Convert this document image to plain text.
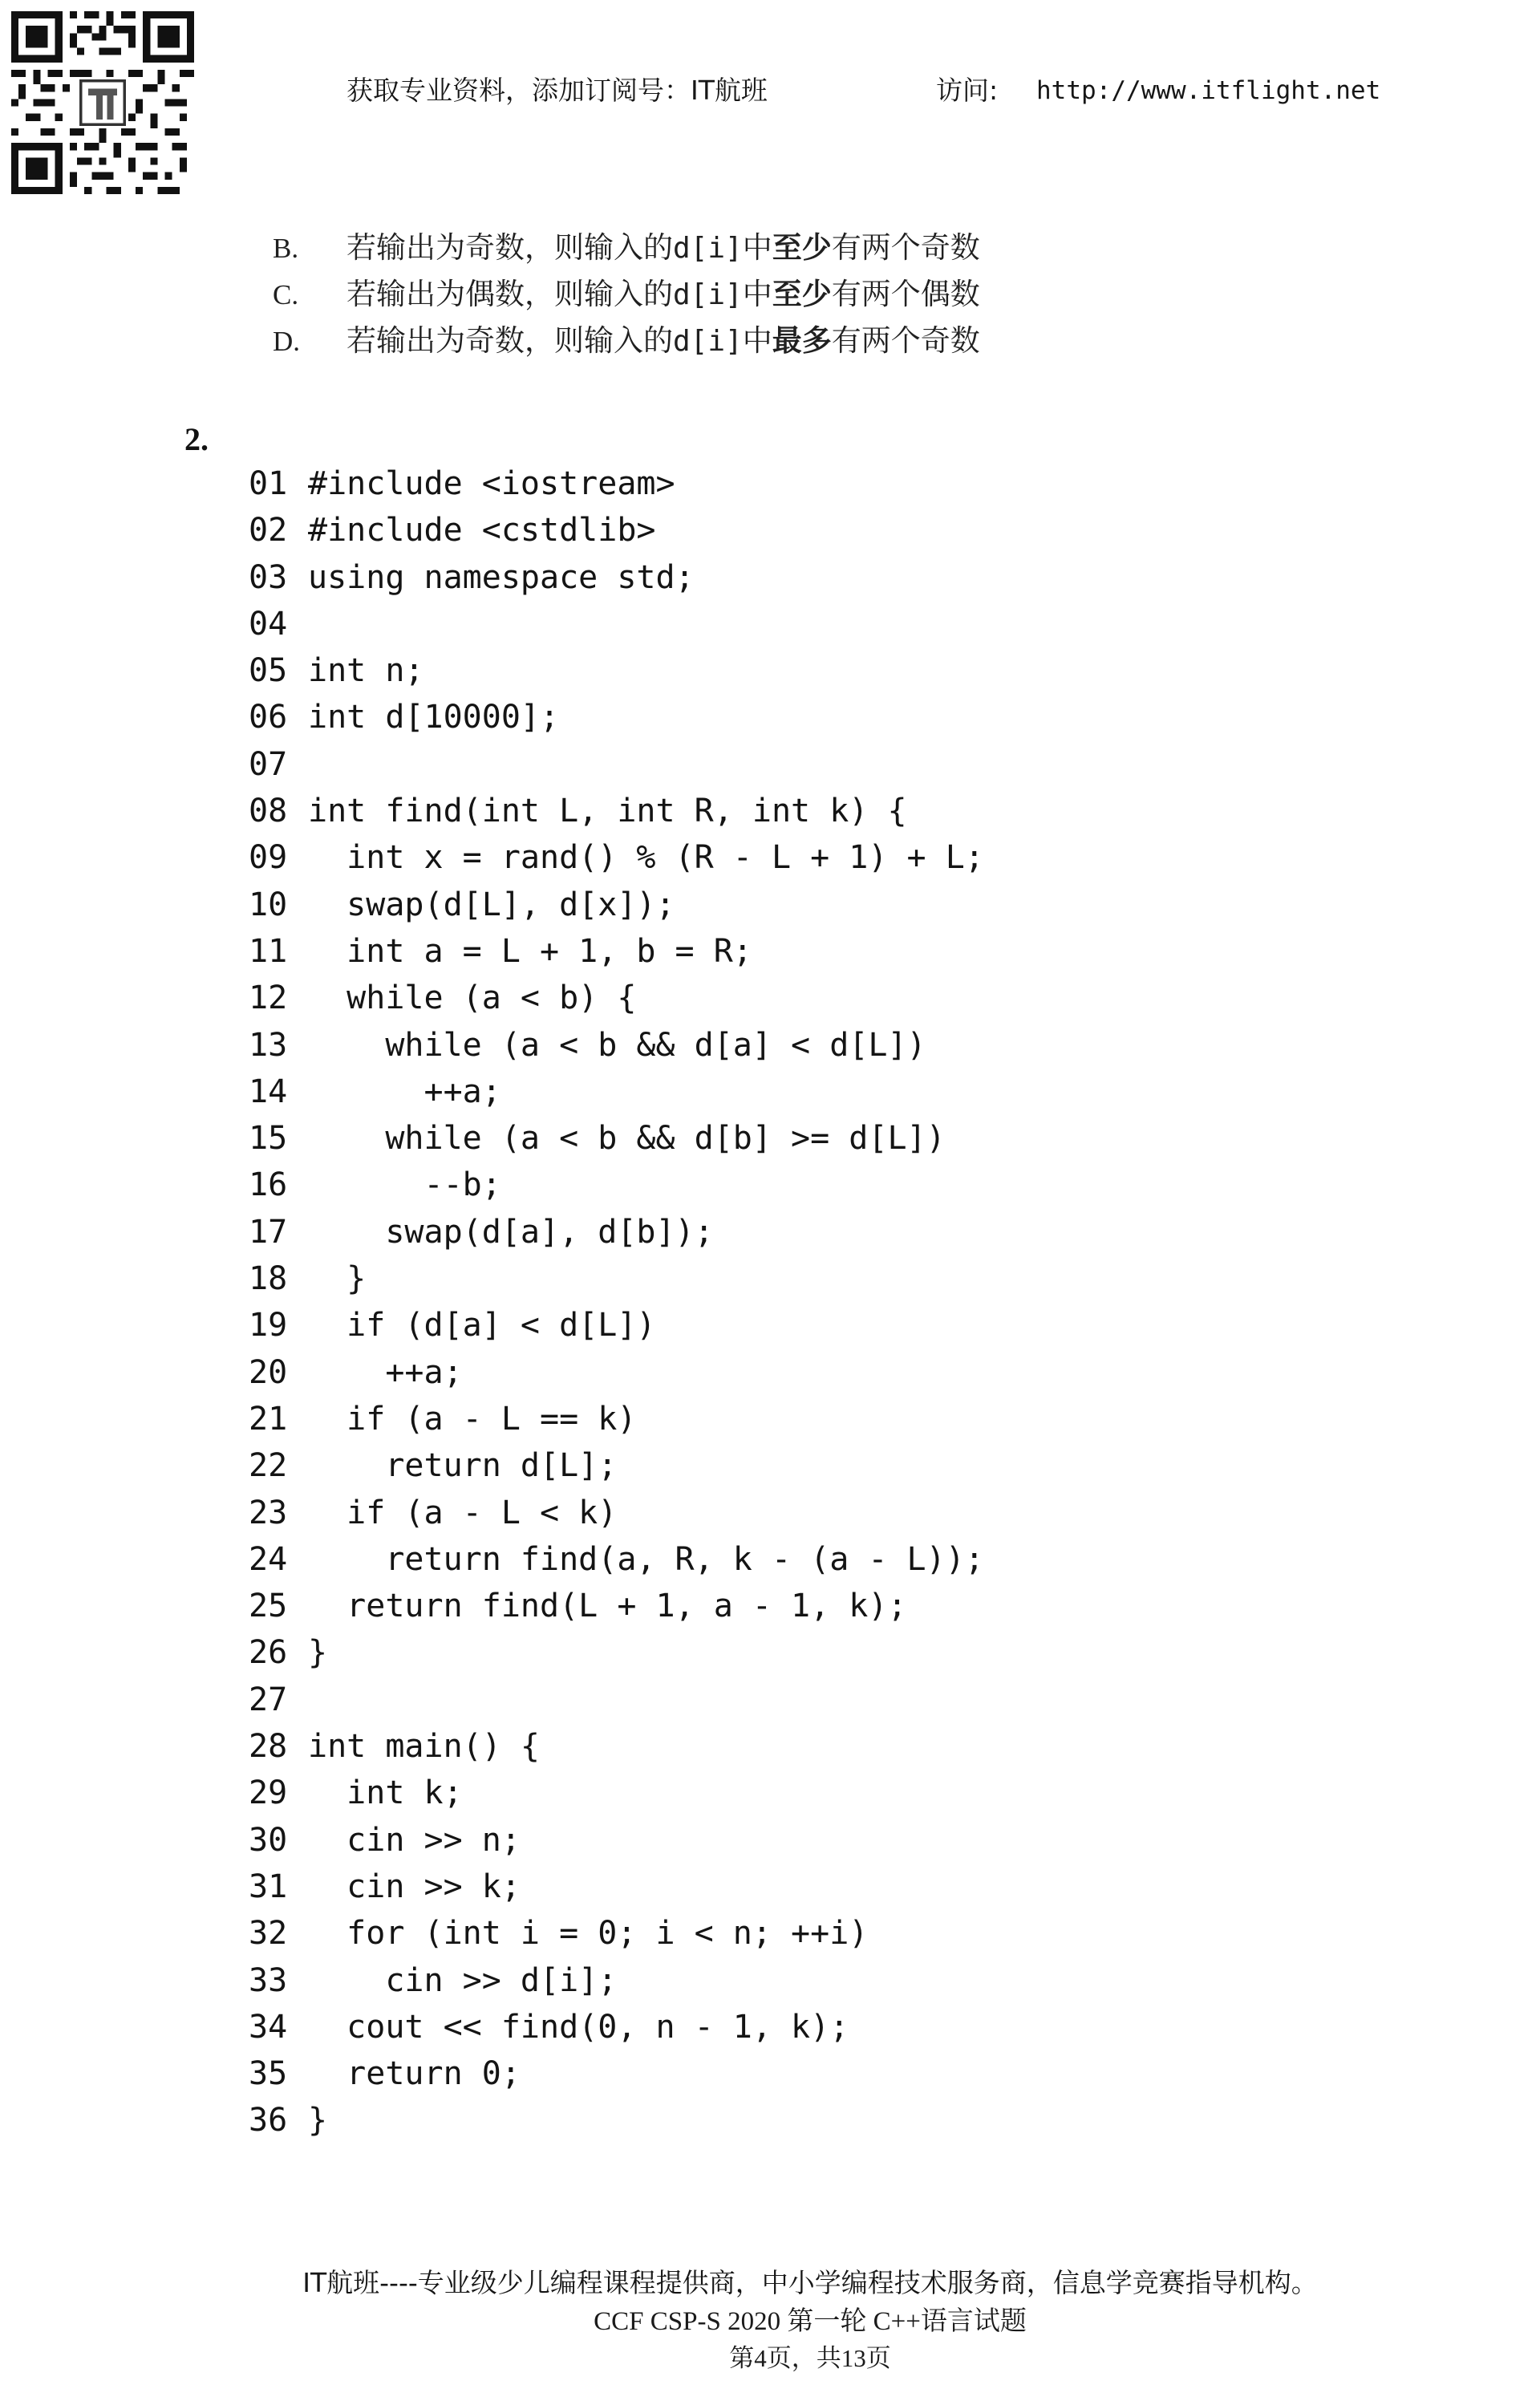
获取专业资料，添加订阅号：IT航班	访问: http://www.itflight.net
B. 若输出为奇数，则输入的d[i]中至少有两个奇数
C. 若输出为偶数，则输入的d[i]中至少有两个偶数
D. 若输出为奇数，则输入的d[i]中最多有两个奇数
2.
01 #include <iostream>
02 #include <cstdlib>
03 using namespace std;
04
05 int n;
06 int d[10000];
07
08 int find(int L, int R, int k) {
09  int x = rand() % (R - L + 1) + L;
10  swap(d[L], d[x]);
11  int a = L + 1, b = R;
12  while (a < b) {
13    while (a < b && d[a] < d[L])
14      ++a;
15    while (a < b && d[b] >= d[L])
16      --b;
17    swap(d[a], d[b]);
18  }
19  if (d[a] < d[L])
20    ++a;
21  if (a - L == k)
22    return d[L];
23  if (a - L < k)
24    return find(a, R, k - (a - L));
25  return find(L + 1, a - 1, k);
26 }
27
28 int main() {
29  int k;
30  cin >> n;
31  cin >> k;
32  for (int i = 0; i < n; ++i)
33    cin >> d[i];
34  cout << find(0, n - 1, k);
35  return 0;
36 }
IT航班----专业级少儿编程课程提供商，中小学编程技术服务商，信息学竞赛指导机构。
CCF CSP-S 2020 第一轮 C++语言试题
第4页，共13页
